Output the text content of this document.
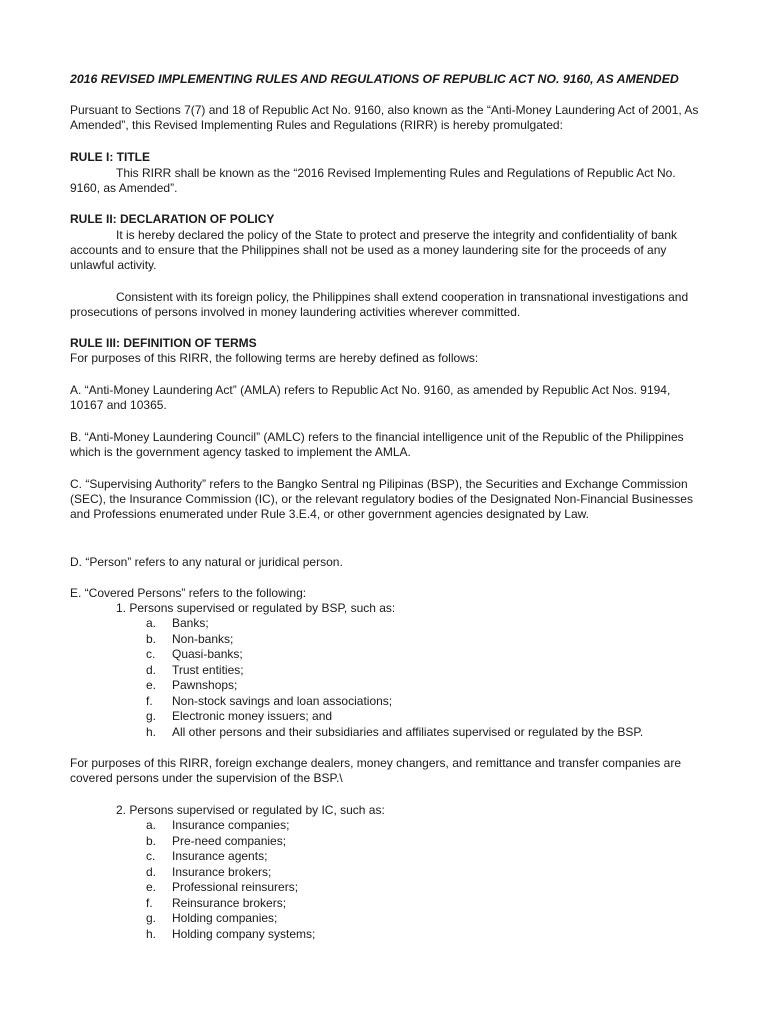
2016 REVISED IMPLEMENTING RULES AND REGULATIONS OF REPUBLIC ACT NO. 9160, AS AMENDED

Pursuant to Sections 7(7) and 18 of Republic Act No. 9160, also known as the “Anti-Money Laundering Act of 2001, As Amended”, this Revised Implementing Rules and Regulations (RIRR) is hereby promulgated:

RULE I: TITLE

This RIRR shall be known as the “2016 Revised Implementing Rules and Regulations of Republic Act No. 9160, as Amended”.

RULE II: DECLARATION OF POLICY

It is hereby declared the policy of the State to protect and preserve the integrity and confidentiality of bank accounts and to ensure that the Philippines shall not be used as a money laundering site for the proceeds of any unlawful activity.

Consistent with its foreign policy, the Philippines shall extend cooperation in transnational investigations and prosecutions of persons involved in money laundering activities wherever committed.

RULE III: DEFINITION OF TERMS

For purposes of this RIRR, the following terms are hereby defined as follows:

A. “Anti-Money Laundering Act” (AMLA) refers to Republic Act No. 9160, as amended by Republic Act Nos. 9194, 10167 and 10365.

B. “Anti-Money Laundering Council” (AMLC) refers to the financial intelligence unit of the Republic of the Philippines which is the government agency tasked to implement the AMLA.

C. “Supervising Authority” refers to the Bangko Sentral ng Pilipinas (BSP), the Securities and Exchange Commission (SEC), the Insurance Commission (IC), or the relevant regulatory bodies of the Designated Non-Financial Businesses and Professions enumerated under Rule 3.E.4, or other government agencies designated by Law.

D. “Person” refers to any natural or juridical person.

E. “Covered Persons” refers to the following:

1. Persons supervised or regulated by BSP, such as:

a. Banks;
b. Non-banks;
c. Quasi-banks;
d. Trust entities;
e. Pawnshops;
f. Non-stock savings and loan associations;
g. Electronic money issuers; and
h. All other persons and their subsidiaries and affiliates supervised or regulated by the BSP.

For purposes of this RIRR, foreign exchange dealers, money changers, and remittance and transfer companies are covered persons under the supervision of the BSP.\

2. Persons supervised or regulated by IC, such as:

a. Insurance companies;
b. Pre-need companies;
c. Insurance agents;
d. Insurance brokers;
e. Professional reinsurers;
f. Reinsurance brokers;
g. Holding companies;
h. Holding company systems;
